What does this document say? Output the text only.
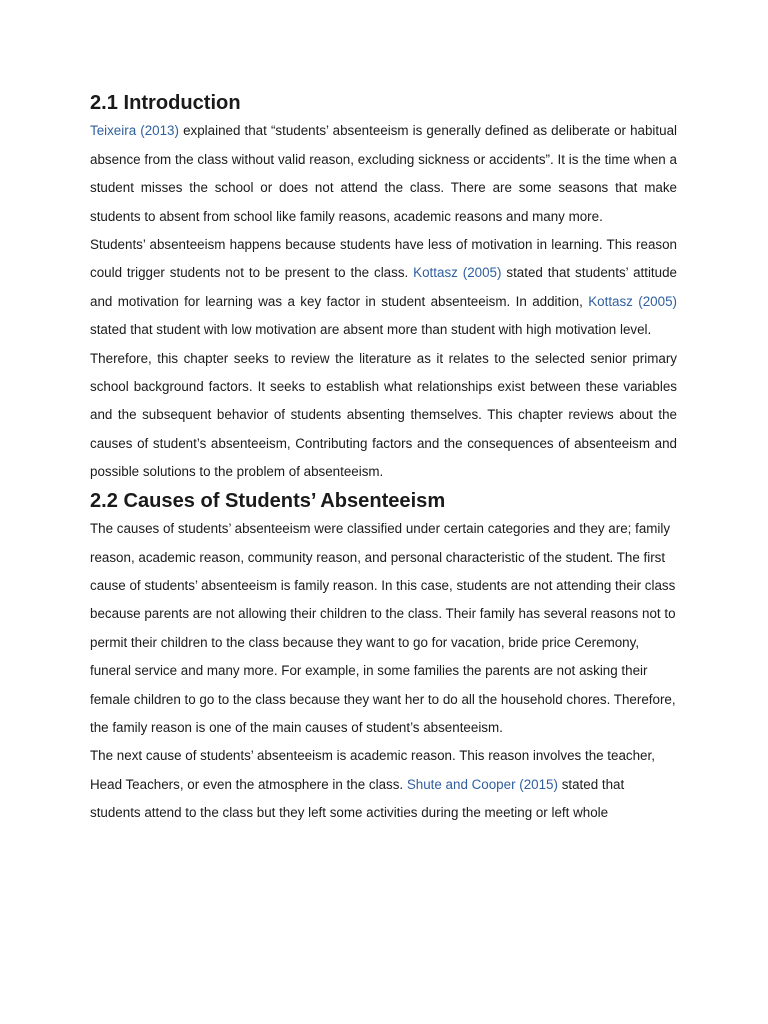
2.1 Introduction

Teixeira (2013) explained that “students’ absenteeism is generally defined as deliberate or habitual absence from the class without valid reason, excluding sickness or accidents”. It is the time when a student misses the school or does not attend the class. There are some seasons that make students to absent from school like family reasons, academic reasons and many more.

Students’ absenteeism happens because students have less of motivation in learning. This reason could trigger students not to be present to the class. Kottasz (2005) stated that students’ attitude and motivation for learning was a key factor in student absenteeism. In addition, Kottasz (2005) stated that student with low motivation are absent more than student with high motivation level.

Therefore, this chapter seeks to review the literature as it relates to the selected senior primary school background factors. It seeks to establish what relationships exist between these variables and the subsequent behavior of students absenting themselves. This chapter reviews about the causes of student’s absenteeism, Contributing factors and the consequences of absenteeism and possible solutions to the problem of absenteeism.

2.2 Causes of Students’ Absenteeism

The causes of students’ absenteeism were classified under certain categories and they are; family reason, academic reason, community reason, and personal characteristic of the student. The first cause of students’ absenteeism is family reason. In this case, students are not attending their class because parents are not allowing their children to the class. Their family has several reasons not to permit their children to the class because they want to go for vacation, bride price Ceremony, funeral service and many more. For example, in some families the parents are not asking their female children to go to the class because they want her to do all the household chores. Therefore, the family reason is one of the main causes of student’s absenteeism.

The next cause of students’ absenteeism is academic reason. This reason involves the teacher, Head Teachers, or even the atmosphere in the class. Shute and Cooper (2015) stated that students attend to the class but they left some activities during the meeting or left whole
